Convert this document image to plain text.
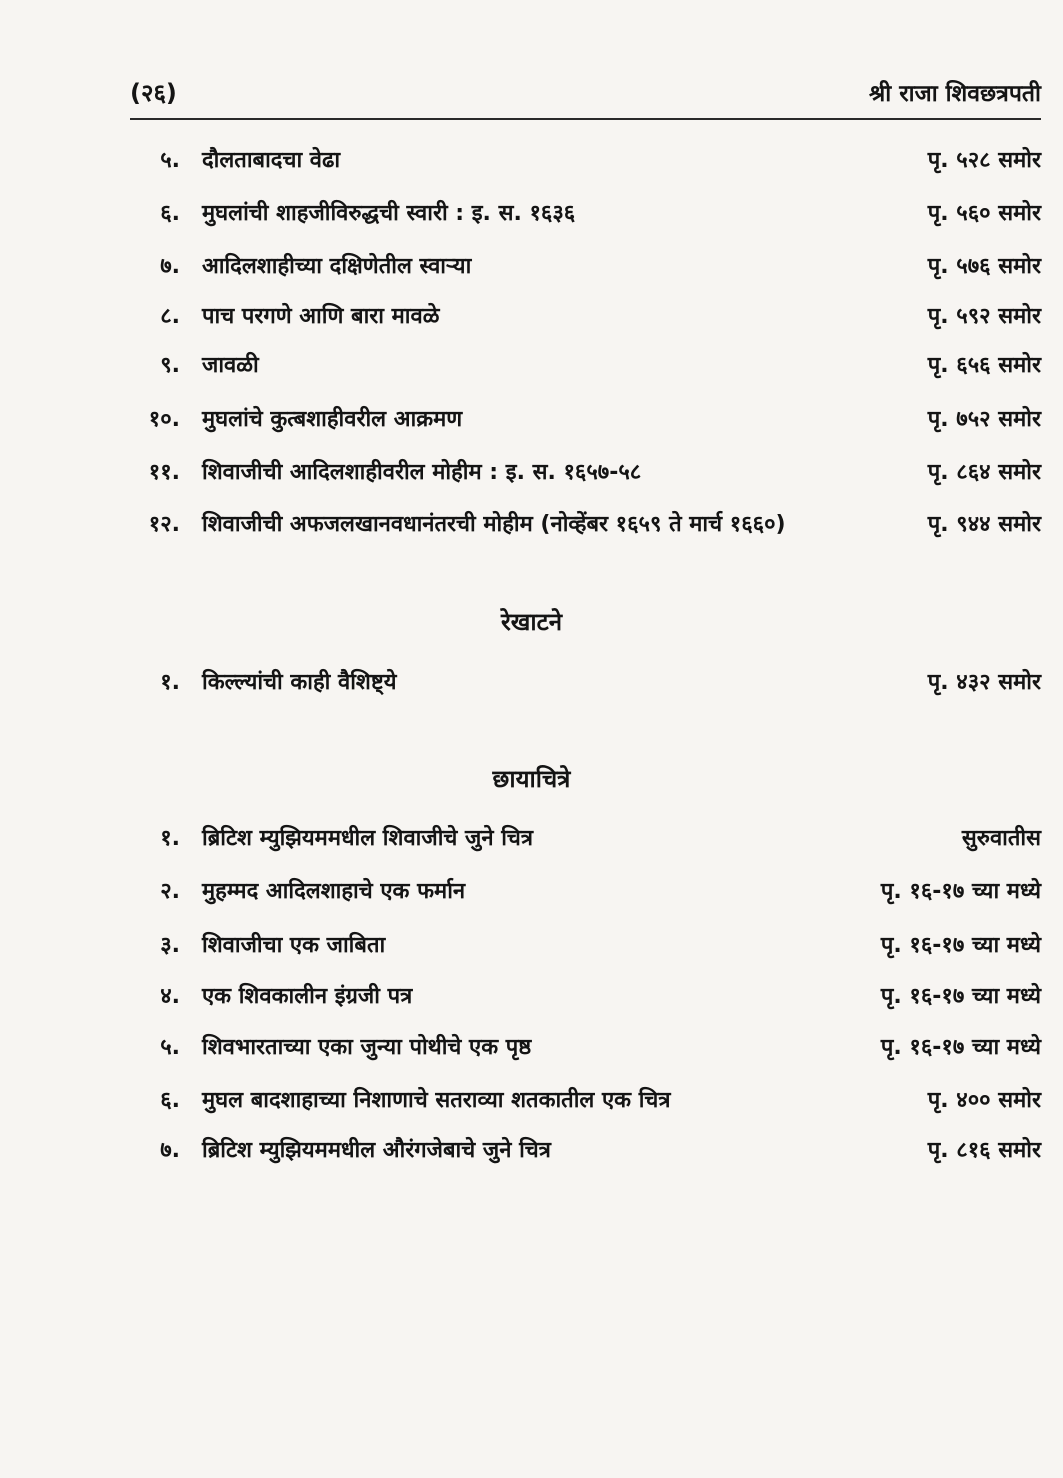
(२६)	श्री राजा शिवछत्रपती
५. दौलताबादचा वेढा	पृ. ५२८ समोर
६. मुघलांची शाहजीविरुद्धची स्वारी : इ. स. १६३६	पृ. ५६० समोर
७. आदिलशाहीच्या दक्षिणेतील स्वाऱ्या	पृ. ५७६ समोर
८. पाच परगणे आणि बारा मावळे	पृ. ५९२ समोर
९. जावळी	पृ. ६५६ समोर
१०. मुघलांचे कुत्बशाहीवरील आक्रमण	पृ. ७५२ समोर
११. शिवाजीची आदिलशाहीवरील मोहीम : इ. स. १६५७-५८	पृ. ८६४ समोर
१२. शिवाजीची अफजलखानवधानंतरची मोहीम (नोव्हेंबर १६५९ ते मार्च १६६०)	पृ. ९४४ समोर
रेखाटने
१. किल्ल्यांची काही वैशिष्ट्ये	पृ. ४३२ समोर
छायाचित्रे
१. ब्रिटिश म्युझियममधील शिवाजीचे जुने चित्र	सुरुवातीस
२. मुहम्मद आदिलशाहाचे एक फर्मान	पृ. १६-१७ च्या मध्ये
३. शिवाजीचा एक जाबिता	पृ. १६-१७ च्या मध्ये
४. एक शिवकालीन इंग्रजी पत्र	पृ. १६-१७ च्या मध्ये
५. शिवभारताच्या एका जुन्या पोथीचे एक पृष्ठ	पृ. १६-१७ च्या मध्ये
६. मुघल बादशाहाच्या निशाणाचे सतराव्या शतकातील एक चित्र	पृ. ४०० समोर
७. ब्रिटिश म्युझियममधील औरंगजेबाचे जुने चित्र	पृ. ८१६ समोर
